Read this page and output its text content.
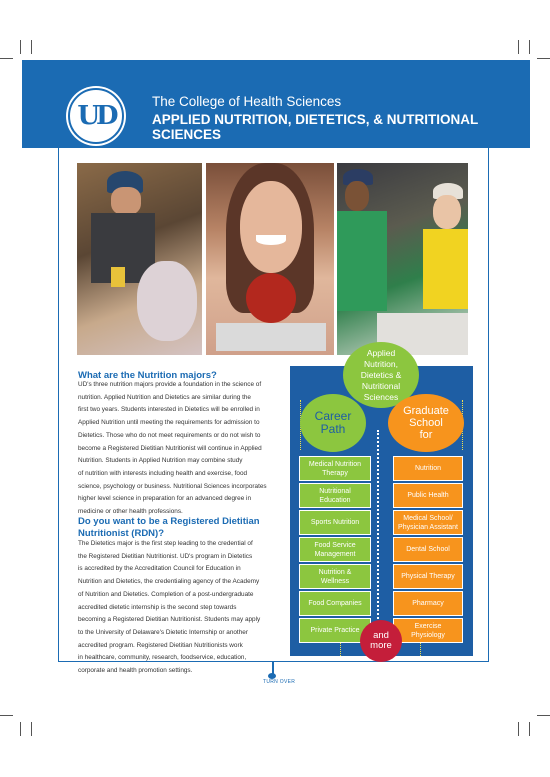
UD	The College of Health Sciences
APPLIED NUTRITION, DIETETICS, & NUTRITIONAL SCIENCES
What are the Nutrition majors?
UD's three nutrition majors provide a foundation in the science of
nutrition. Applied Nutrition and Dietetics are similar during the
first two years. Students interested in Dietetics will be enrolled in
Applied Nutrition until meeting the requirements for admission to
Dietetics. Those who do not meet requirements or do not wish to
become a Registered Dietitian Nutritionist will continue in Applied
Nutrition. Students in Applied Nutrition may combine study
of nutrition with interests including health and exercise, food
science, psychology or business. Nutritional Sciences incorporates
higher level science in preparation for an advanced degree in
medicine or other health professions.
Do you want to be a Registered Dietitian
Nutritionist (RDN)?
The Dietetics major is the first step leading to the credential of
the Registered Dietitian Nutritionist. UD's program in Dietetics
is accredited by the Accreditation Council for Education in
Nutrition and Dietetics, the credentialing agency of the Academy
of Nutrition and Dietetics. Completion of a post-undergraduate
accredited dietetic internship is the second step towards
becoming a Registered Dietitian Nutritionist. Students may apply
to the University of Delaware's Dietetic Internship or another
accredited program. Registered Dietitian Nutritionists work
in healthcare, community, research, foodservice, education,
corporate and health promotion settings.
Applied
Nutrition,
Dietetics &
Nutritional
Sciences
Career
Path
Graduate
School
for
Medical Nutrition
Therapy
Nutritional
Education
Sports Nutrition
Food Service
Management
Nutrition &
Wellness
Food Companies
Private Practice
Nutrition
Public Health
Medical School/
Physician Assistant
Dental School
Physical Therapy
Pharmacy
Exercise
Physiology
and
more
TURN OVER
